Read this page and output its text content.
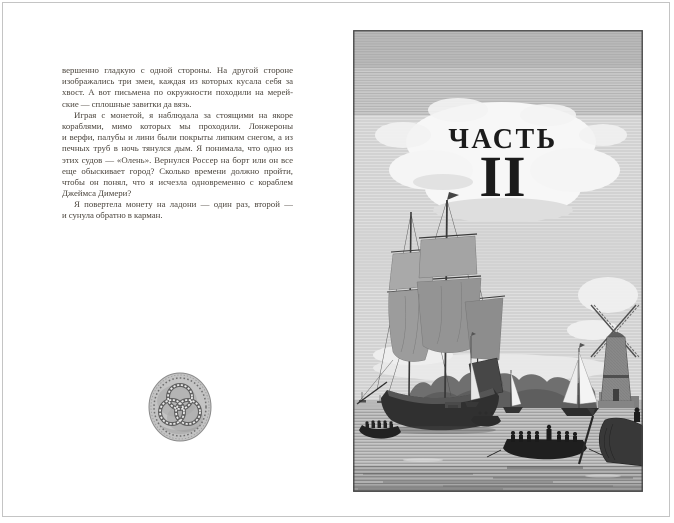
вершенно гладкую с одной стороны. На другой стороне
изображались три змеи, каждая из которых кусала себя за
хвост. А вот письмена по окружности походили на мерей-
ские — сплошные завитки да вязь.
Играя с монетой, я наблюдала за стоящими на якоре
кораблями, мимо которых мы проходили. Лонжероны
и верфи, палубы и лини были покрыты липким снегом, а из
печных труб в ночь тянулся дым. Я понимала, что одно из
этих судов — «Олень». Вернулся Россер на борт или он все
еще обыскивает город? Сколько времени должно пройти,
чтобы он понял, что я исчезла одновременно с кораблем
Джеймса Димери?
Я повертела монету на ладони — один раз, второй —
и сунула обратно в карман.
ЧАСТЬ
II
